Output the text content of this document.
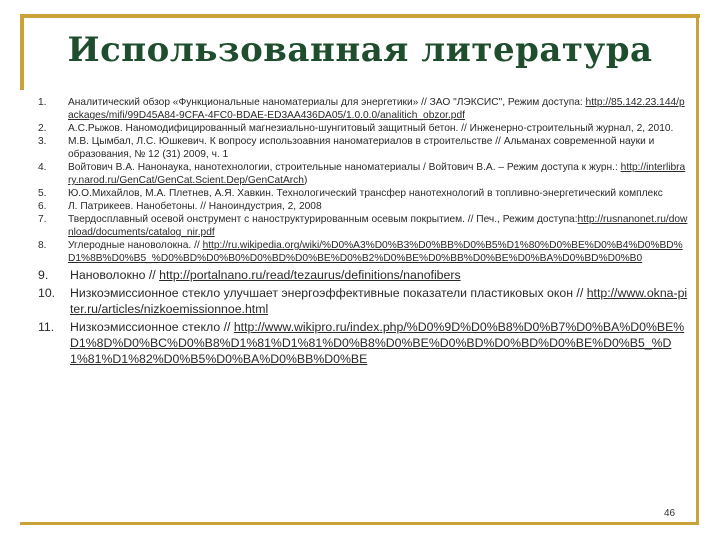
Использованная литература
1.	Аналитический обзор «Функциональные наноматериалы для энергетики» // ЗАО "ЛЭКСИС", Режим доступа: http://85.142.23.144/packages/mifi/99D45A84-9CFA-4FC0-BDAE-ED3AA436DA05/1.0.0.0/analitich_obzor.pdf
2.	А.С.Рыжов. Наномодифицированный магнезиально-шунгитовый защитный бетон. // Инженерно-строительный журнал, 2, 2010.
3.	М.В. Цымбал, Л.С. Юшкевич. К вопросу использоавния наноматериалов в строительстве // Альманах современной науки и образования, № 12 (31) 2009, ч. 1
4.	Войтович В.А. Нанонаука, нанотехнологии, строительные наноматериалы / Войтович В.А. – Режим доступа к журн.: http://interlibrary.narod.ru/GenCat/GenCat.Scient.Dep/GenCatArch)
5.	Ю.О.Михайлов, М.А. Плетнев, А.Я. Хавкин. Технологический трансфер нанотехнологий в топливно-энергетический комплекс
6.	Л. Патрикеев. Нанобетоны. // Наноиндустрия, 2, 2008
7.	Твердосплавный осевой онструмент с наноструктурированным осевым покрытием. // Печ., Режим доступа:http://rusnanonet.ru/download/documents/catalog_nir.pdf
8.	Углеродные нановолокна. // http://ru.wikipedia.org/wiki/%D0%A3%D0%B3%D0%BB%D0%B5%D1%80%D0%BE%D0%B4%D0%BD%D1%8B%D0%B5_%D0%BD%D0%B0%D0%BD%D0%BE%D0%B2%D0%BE%D0%BB%D0%BE%D0%BA%D0%BD%D0%B0
9.	Нановолокно // http://portalnano.ru/read/tezaurus/definitions/nanofibers
10.	Низкоэмиссионное стекло улучшает энергоэффективные показатели пластиковых окон // http://www.okna-piter.ru/articles/nizkoemissionnoe.html
11.	Низкоэмиссионное стекло // http://www.wikipro.ru/index.php/%D0%9D%D0%B8%D0%B7%D0%BA%D0%BE%D1%8D%D0%BC%D0%B8%D1%81%D1%81%D0%B8%D0%BE%D0%BD%D0%BD%D0%BE%D0%B5_%D1%81%D1%82%D0%B5%D0%BA%D0%BB%D0%BE
46
